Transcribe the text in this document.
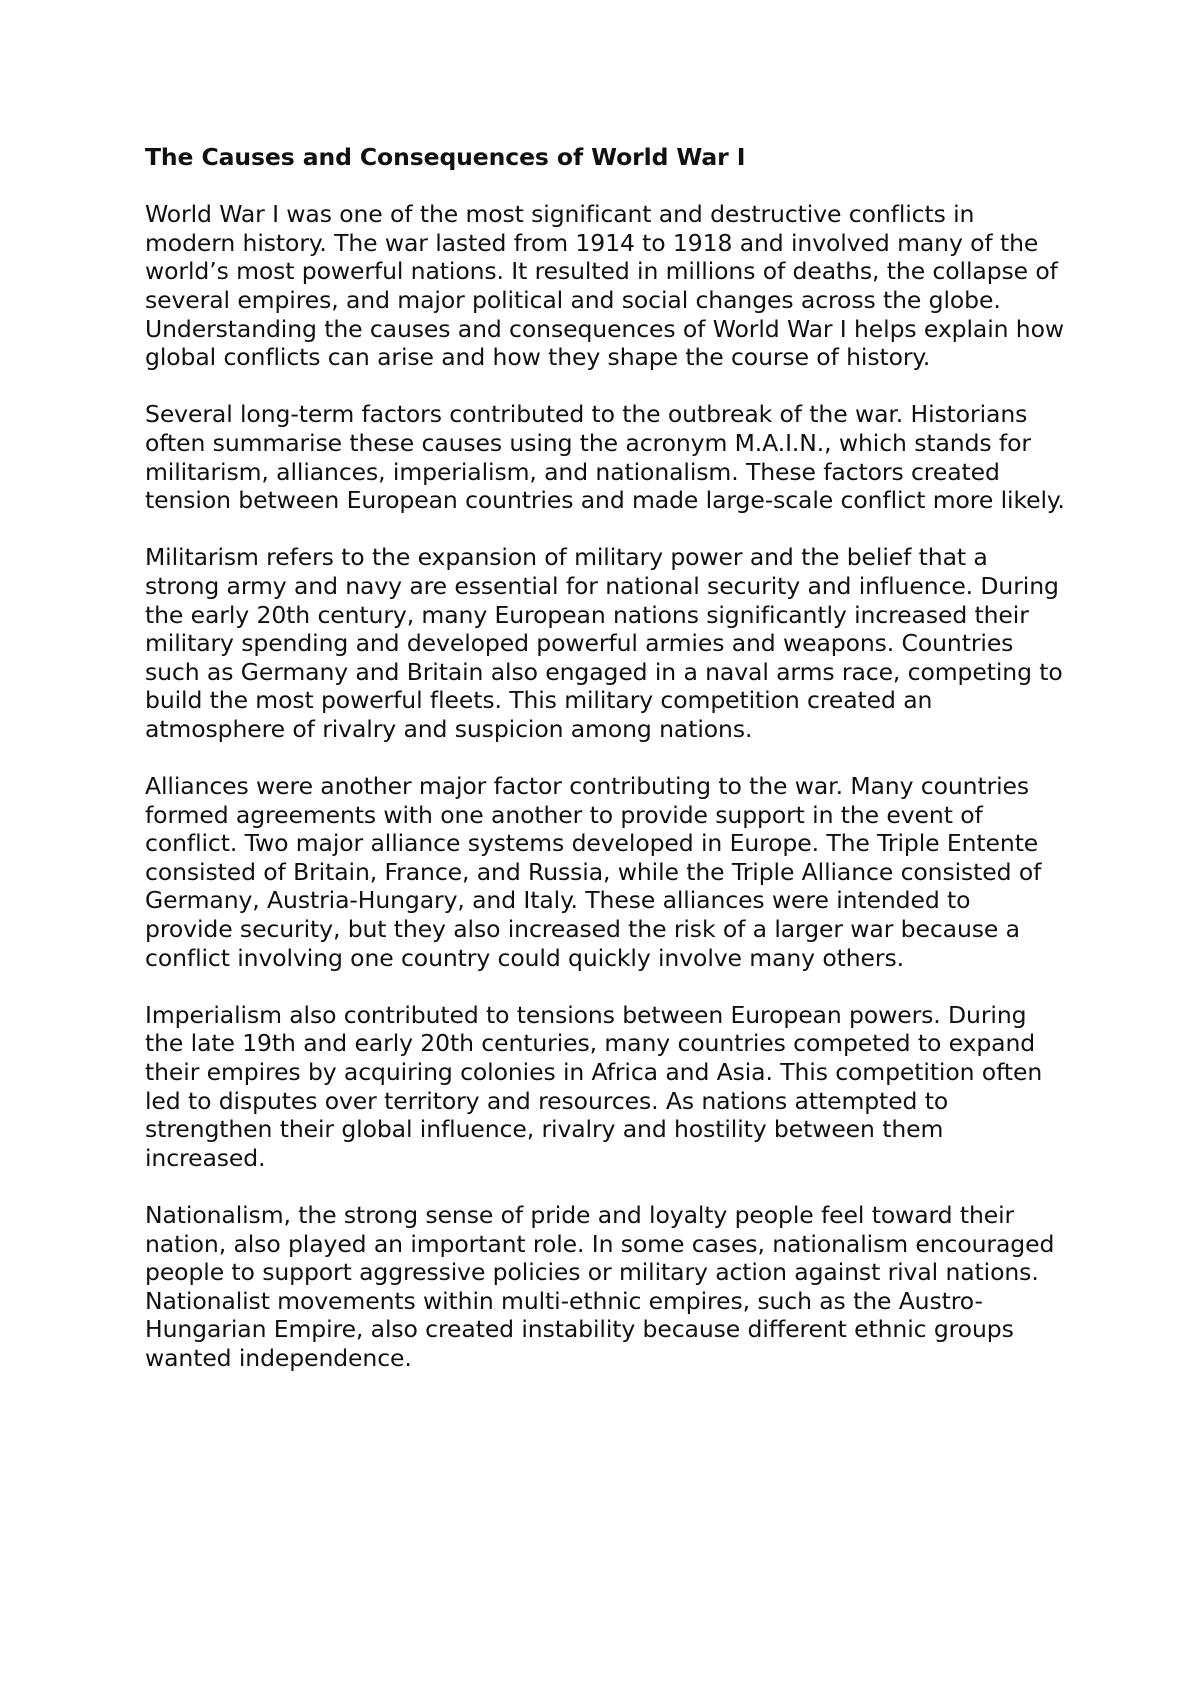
The Causes and Consequences of World War I

World War I was one of the most significant and destructive conflicts in modern history. The war lasted from 1914 to 1918 and involved many of the world’s most powerful nations. It resulted in millions of deaths, the collapse of several empires, and major political and social changes across the globe. Understanding the causes and consequences of World War I helps explain how global conflicts can arise and how they shape the course of history.

Several long-term factors contributed to the outbreak of the war. Historians often summarise these causes using the acronym M.A.I.N., which stands for militarism, alliances, imperialism, and nationalism. These factors created tension between European countries and made large-scale conflict more likely.

Militarism refers to the expansion of military power and the belief that a strong army and navy are essential for national security and influence. During the early 20th century, many European nations significantly increased their military spending and developed powerful armies and weapons. Countries such as Germany and Britain also engaged in a naval arms race, competing to build the most powerful fleets. This military competition created an atmosphere of rivalry and suspicion among nations.

Alliances were another major factor contributing to the war. Many countries formed agreements with one another to provide support in the event of conflict. Two major alliance systems developed in Europe. The Triple Entente consisted of Britain, France, and Russia, while the Triple Alliance consisted of Germany, Austria-Hungary, and Italy. These alliances were intended to provide security, but they also increased the risk of a larger war because a conflict involving one country could quickly involve many others.

Imperialism also contributed to tensions between European powers. During the late 19th and early 20th centuries, many countries competed to expand their empires by acquiring colonies in Africa and Asia. This competition often led to disputes over territory and resources. As nations attempted to strengthen their global influence, rivalry and hostility between them increased.

Nationalism, the strong sense of pride and loyalty people feel toward their nation, also played an important role. In some cases, nationalism encouraged people to support aggressive policies or military action against rival nations. Nationalist movements within multi-ethnic empires, such as the Austro-Hungarian Empire, also created instability because different ethnic groups wanted independence.
